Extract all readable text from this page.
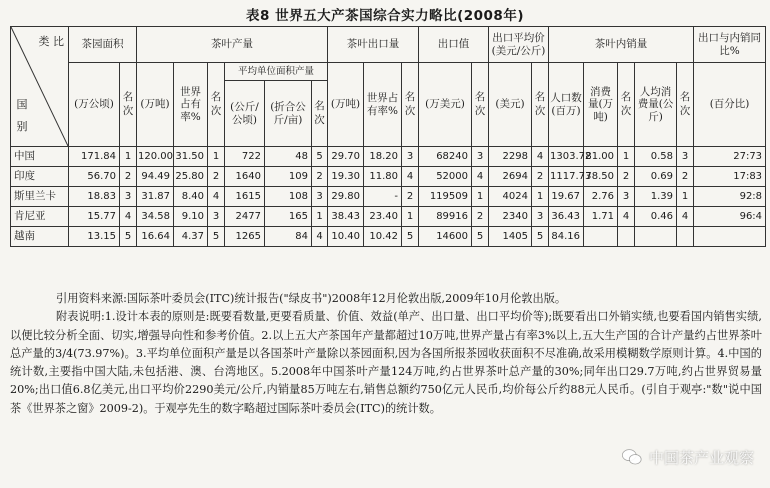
表8 世界五大产茶国综合实力略比(2008年)
类 比
国 别	茶园面积		茶叶产量						茶叶出口量			出口值		出口平均价(美元/公斤)		茶叶内销量					出口与内销同比%
	(万公顷)	名次	(万吨)	世界占有率%	名次	平均单位面积产量			(万吨)	世界占有率%	名次	(万美元)	名次	(美元)	名次	人口数(百万)	消费量(万吨)	名次	人均消费量(公斤)	名次	(百分比)
						(公斤/公顷)	(折合公斤/亩)	名次													
中国	171.84	1	120.00	31.50	1	722	48	5	29.70	18.20	3	68240	3	2298	4	1303.72	81.00	1	0.58	3	27:73
印度	56.70	2	94.49	25.80	2	1640	109	2	19.30	11.80	4	52000	4	2694	2	1117.73	78.50	2	0.69	2	17:83
斯里兰卡	18.83	3	31.87	8.40	4	1615	108	3	29.80	-	2	119509	1	4024	1	19.67	2.76	3	1.39	1	92:8
肯尼亚	15.77	4	34.58	9.10	3	2477	165	1	38.43	23.40	1	89916	2	2340	3	36.43	1.71	4	0.46	4	96:4
越南	13.15	5	16.64	4.37	5	1265	84	4	10.40	10.42	5	14600	5	1405	5	84.16					

引用资料来源:国际茶叶委员会(ITC)统计报告("绿皮书")2008年12月伦敦出版,2009年10月伦敦出版。

附表说明:1.设计本表的原则是:既要看数量,更要看质量、价值、效益(单产、出口量、出口平均价等);既要看出口外销实绩,也要看国内销售实绩,以便比较分析全面、切实,增强导向性和参考价值。2.以上五大产茶国年产量都超过10万吨,世界产量占有率3%以上,五大生产国的合计产量约占世界茶叶总产量的3/4(73.97%)。3.平均单位面积产量是以各国茶叶产量除以茶园面积,因为各国所报茶园收获面积不尽准确,故采用模糊数学原则计算。4.中国的统计数,主要指中国大陆,未包括港、澳、台湾地区。5.2008年中国茶叶产量124万吨,约占世界茶叶总产量的30%;同年出口29.7万吨,约占世界贸易量20%;出口值6.8亿美元,出口平均价2290美元/公斤,内销量85万吨左右,销售总额约750亿元人民币,均价每公斤约88元人民币。(引自于观亭:"数"说中国茶《世界茶之窗》2009-2)。于观亭先生的数字略超过国际茶叶委员会(ITC)的统计数。

中国茶产业观察
